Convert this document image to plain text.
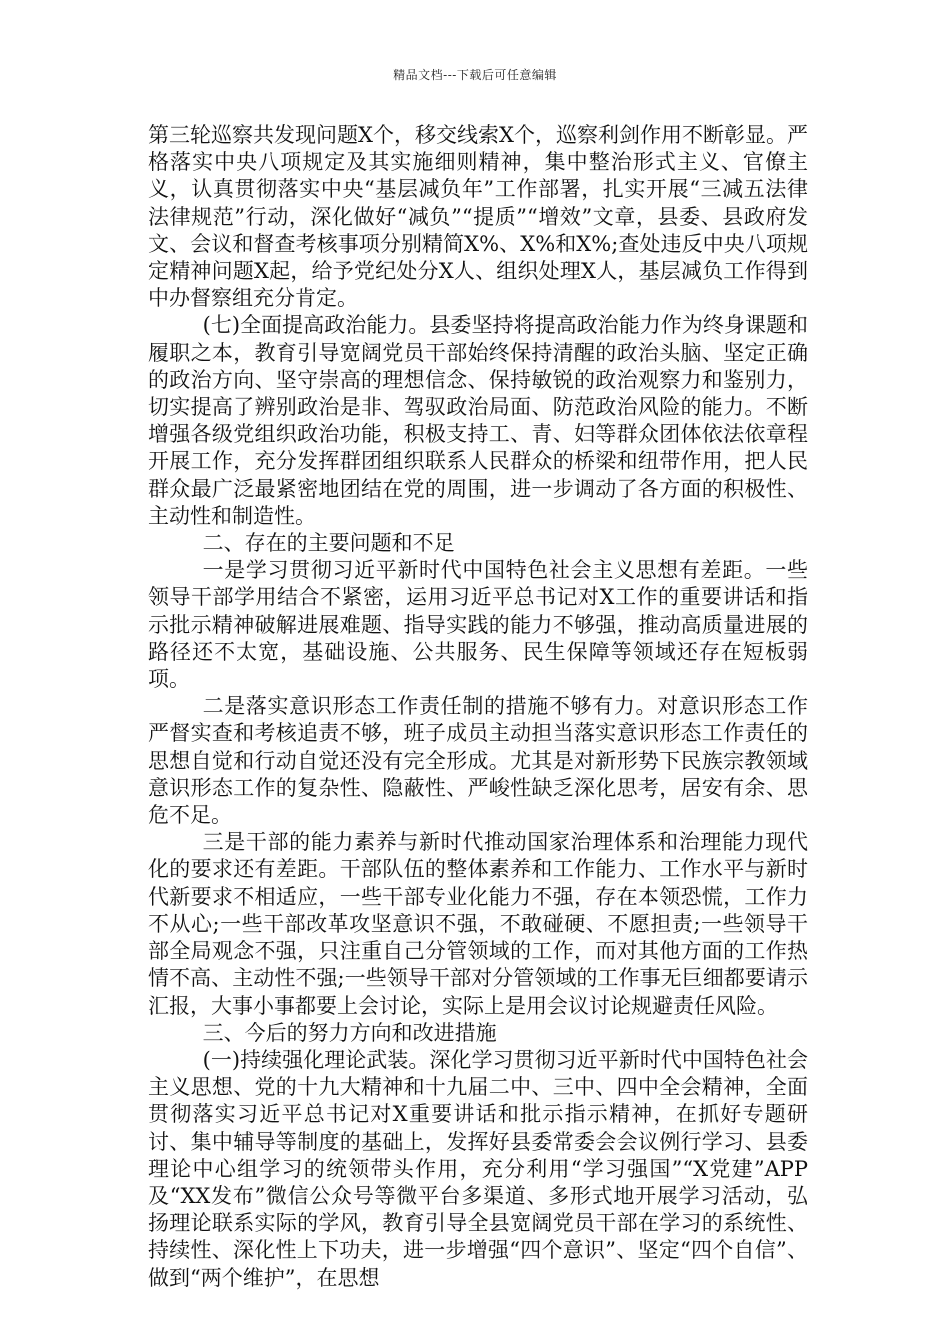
精品文档---下载后可任意编辑

第三轮巡察共发现问题X个，移交线索X个，巡察利剑作用不断彰显。严格落实中央八项规定及其实施细则精神，集中整治形式主义、官僚主义，认真贯彻落实中央“基层减负年”工作部署，扎实开展“三减五法律法律规范”行动，深化做好“减负”“提质”“增效”文章，县委、县政府发文、会议和督查考核事项分别精简X%、X%和X%;查处违反中央八项规定精神问题X起，给予党纪处分X人、组织处理X人，基层减负工作得到中办督察组充分肯定。

(七)全面提高政治能力。县委坚持将提高政治能力作为终身课题和履职之本，教育引导宽阔党员干部始终保持清醒的政治头脑、坚定正确的政治方向、坚守崇高的理想信念、保持敏锐的政治观察力和鉴别力，切实提高了辨别政治是非、驾驭政治局面、防范政治风险的能力。不断增强各级党组织政治功能，积极支持工、青、妇等群众团体依法依章程开展工作，充分发挥群团组织联系人民群众的桥梁和纽带作用，把人民群众最广泛最紧密地团结在党的周围，进一步调动了各方面的积极性、主动性和制造性。

二、存在的主要问题和不足

一是学习贯彻习近平新时代中国特色社会主义思想有差距。一些领导干部学用结合不紧密，运用习近平总书记对X工作的重要讲话和指示批示精神破解进展难题、指导实践的能力不够强，推动高质量进展的路径还不太宽，基础设施、公共服务、民生保障等领域还存在短板弱项。

二是落实意识形态工作责任制的措施不够有力。对意识形态工作严督实查和考核追责不够，班子成员主动担当落实意识形态工作责任的思想自觉和行动自觉还没有完全形成。尤其是对新形势下民族宗教领域意识形态工作的复杂性、隐蔽性、严峻性缺乏深化思考，居安有余、思危不足。

三是干部的能力素养与新时代推动国家治理体系和治理能力现代化的要求还有差距。干部队伍的整体素养和工作能力、工作水平与新时代新要求不相适应，一些干部专业化能力不强，存在本领恐慌，工作力不从心;一些干部改革攻坚意识不强，不敢碰硬、不愿担责;一些领导干部全局观念不强，只注重自己分管领域的工作，而对其他方面的工作热情不高、主动性不强;一些领导干部对分管领域的工作事无巨细都要请示汇报，大事小事都要上会讨论，实际上是用会议讨论规避责任风险。

三、今后的努力方向和改进措施

(一)持续强化理论武装。深化学习贯彻习近平新时代中国特色社会主义思想、党的十九大精神和十九届二中、三中、四中全会精神，全面贯彻落实习近平总书记对X重要讲话和批示指示精神，在抓好专题研讨、集中辅导等制度的基础上，发挥好县委常委会会议例行学习、县委理论中心组学习的统领带头作用，充分利用“学习强国”“X党建”APP及“XX发布”微信公众号等微平台多渠道、多形式地开展学习活动，弘扬理论联系实际的学风，教育引导全县宽阔党员干部在学习的系统性、持续性、深化性上下功夫，进一步增强“四个意识”、坚定“四个自信”、做到“两个维护”，在思想
